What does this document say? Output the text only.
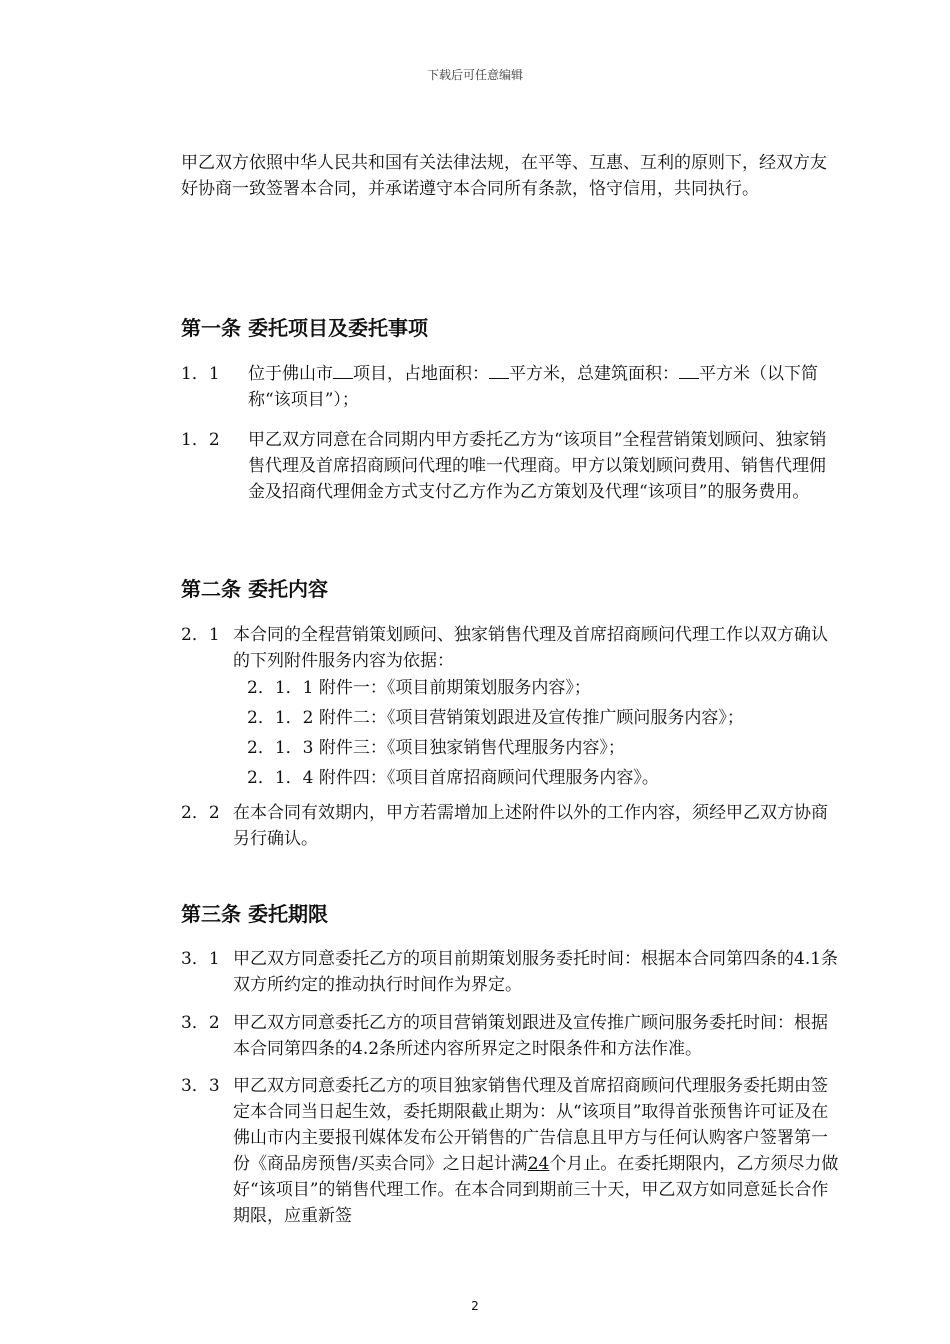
下载后可任意编辑

甲乙双方依照中华人民共和国有关法律法规，在平等、互惠、互利的原则下，经双方友好协商一致签署本合同，并承诺遵守本合同所有条款，恪守信用，共同执行。

第一条 委托项目及委托事项
1．1	位于佛山市 项目，占地面积： 平方米，总建筑面积： 平方米（以下简称“该项目”）；
1．2	甲乙双方同意在合同期内甲方委托乙方为“该项目”全程营销策划顾问、独家销售代理及首席招商顾问代理的唯一代理商。甲方以策划顾问费用、销售代理佣金及招商代理佣金方式支付乙方作为乙方策划及代理“该项目”的服务费用。
第二条 委托内容
2．1 本合同的全程营销策划顾问、独家销售代理及首席招商顾问代理工作以双方确认的下列附件服务内容为依据：
2．1．1 附件一：《项目前期策划服务内容》；
2．1．2 附件二：《项目营销策划跟进及宣传推广顾问服务内容》；
2．1．3 附件三：《项目独家销售代理服务内容》；
2．1．4 附件四：《项目首席招商顾问代理服务内容》。
2．2 在本合同有效期内，甲方若需增加上述附件以外的工作内容，须经甲乙双方协商另行确认。
第三条 委托期限
3．1 甲乙双方同意委托乙方的项目前期策划服务委托时间：根据本合同第四条的4.1条双方所约定的推动执行时间作为界定。
3．2 甲乙双方同意委托乙方的项目营销策划跟进及宣传推广顾问服务委托时间：根据本合同第四条的4.2条所述内容所界定之时限条件和方法作准。
3．3 甲乙双方同意委托乙方的项目独家销售代理及首席招商顾问代理服务委托期由签定本合同当日起生效，委托期限截止期为：从“该项目”取得首张预售许可证及在佛山市内主要报刊媒体发布公开销售的广告信息且甲方与任何认购客户签署第一份《商品房预售/买卖合同》之日起计满24个月止。在委托期限内，乙方须尽力做好“该项目”的销售代理工作。在本合同到期前三十天，甲乙双方如同意延长合作期限，应重新签
2
